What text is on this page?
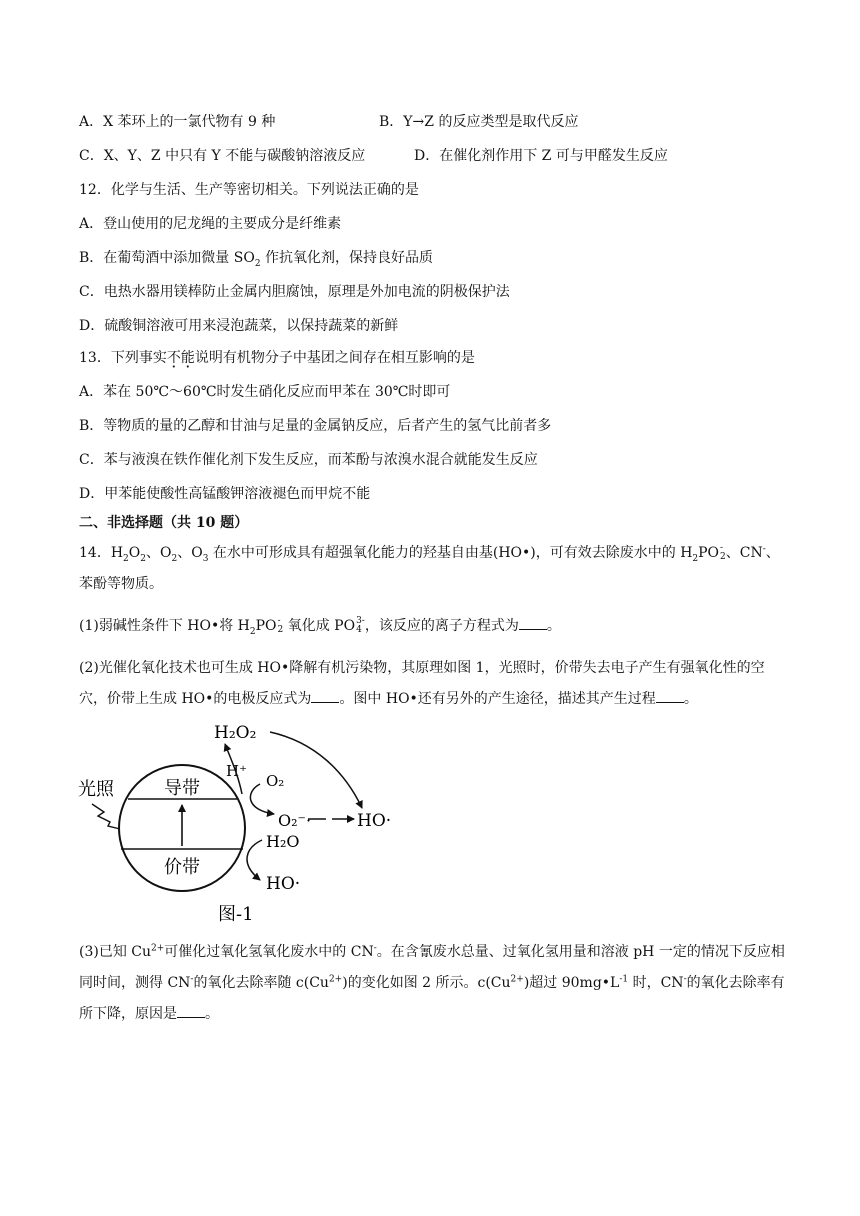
A．X 苯环上的一氯代物有 9 种	B．Y→Z 的反应类型是取代反应
C．X、Y、Z 中只有 Y 不能与碳酸钠溶液反应	D．在催化剂作用下 Z 可与甲醛发生反应
12．化学与生活、生产等密切相关。下列说法正确的是
A．登山使用的尼龙绳的主要成分是纤维素
B．在葡萄酒中添加微量 $SO_2$ 作抗氧化剂，保持良好品质
C．电热水器用镁棒防止金属内胆腐蚀，原理是外加电流的阴极保护法
D．硫酸铜溶液可用来浸泡蔬菜，以保持蔬菜的新鲜
13．下列事实不能说明有机物分子中基团之间存在相互影响的是
A．苯在 50℃～60℃时发生硝化反应而甲苯在 30℃时即可
B．等物质的量的乙醇和甘油与足量的金属钠反应，后者产生的氢气比前者多
C．苯与液溴在铁作催化剂下发生反应，而苯酚与浓溴水混合就能发生反应
D．甲苯能使酸性高锰酸钾溶液褪色而甲烷不能
二、非选择题（共 10 题）
14．$H_2O_2$、$O_2$、$O_3$ 在水中可形成具有超强氧化能力的羟基自由基(HO•)，可有效去除废水中的 $H_2PO$ -
2 、CN-、苯酚等物质。
(1)弱碱性条件下 HO•将 $H_2PO$ -
2 氧化成 PO 3-
4 ，该反应的离子方程式为 。
(2)光催化氧化技术也可生成 HO•降解有机污染物，其原理如图 1，光照时，价带失去电子产生有强氧化性的空穴，价带上生成 HO•的电极反应式为 。图中 HO•还有另外的产生途径，描述其产生过程 。
导带
价带
光照
H₂O₂
H⁺
O₂
O₂⁻·	HO·
H₂O
HO·
图-1
(3)已知 $Cu^{2+}$可催化过氧化氢氧化废水中的 CN-。在含氰废水总量、过氧化氢用量和溶液 pH 一定的情况下反应相同时间，测得 CN-的氧化去除率随 $c(Cu^{2+})$的变化如图 2 所示。$c(Cu^{2+})$超过 $90mg•L^{-1}$ 时，CN-的氧化去除率有所下降，原因是 。
